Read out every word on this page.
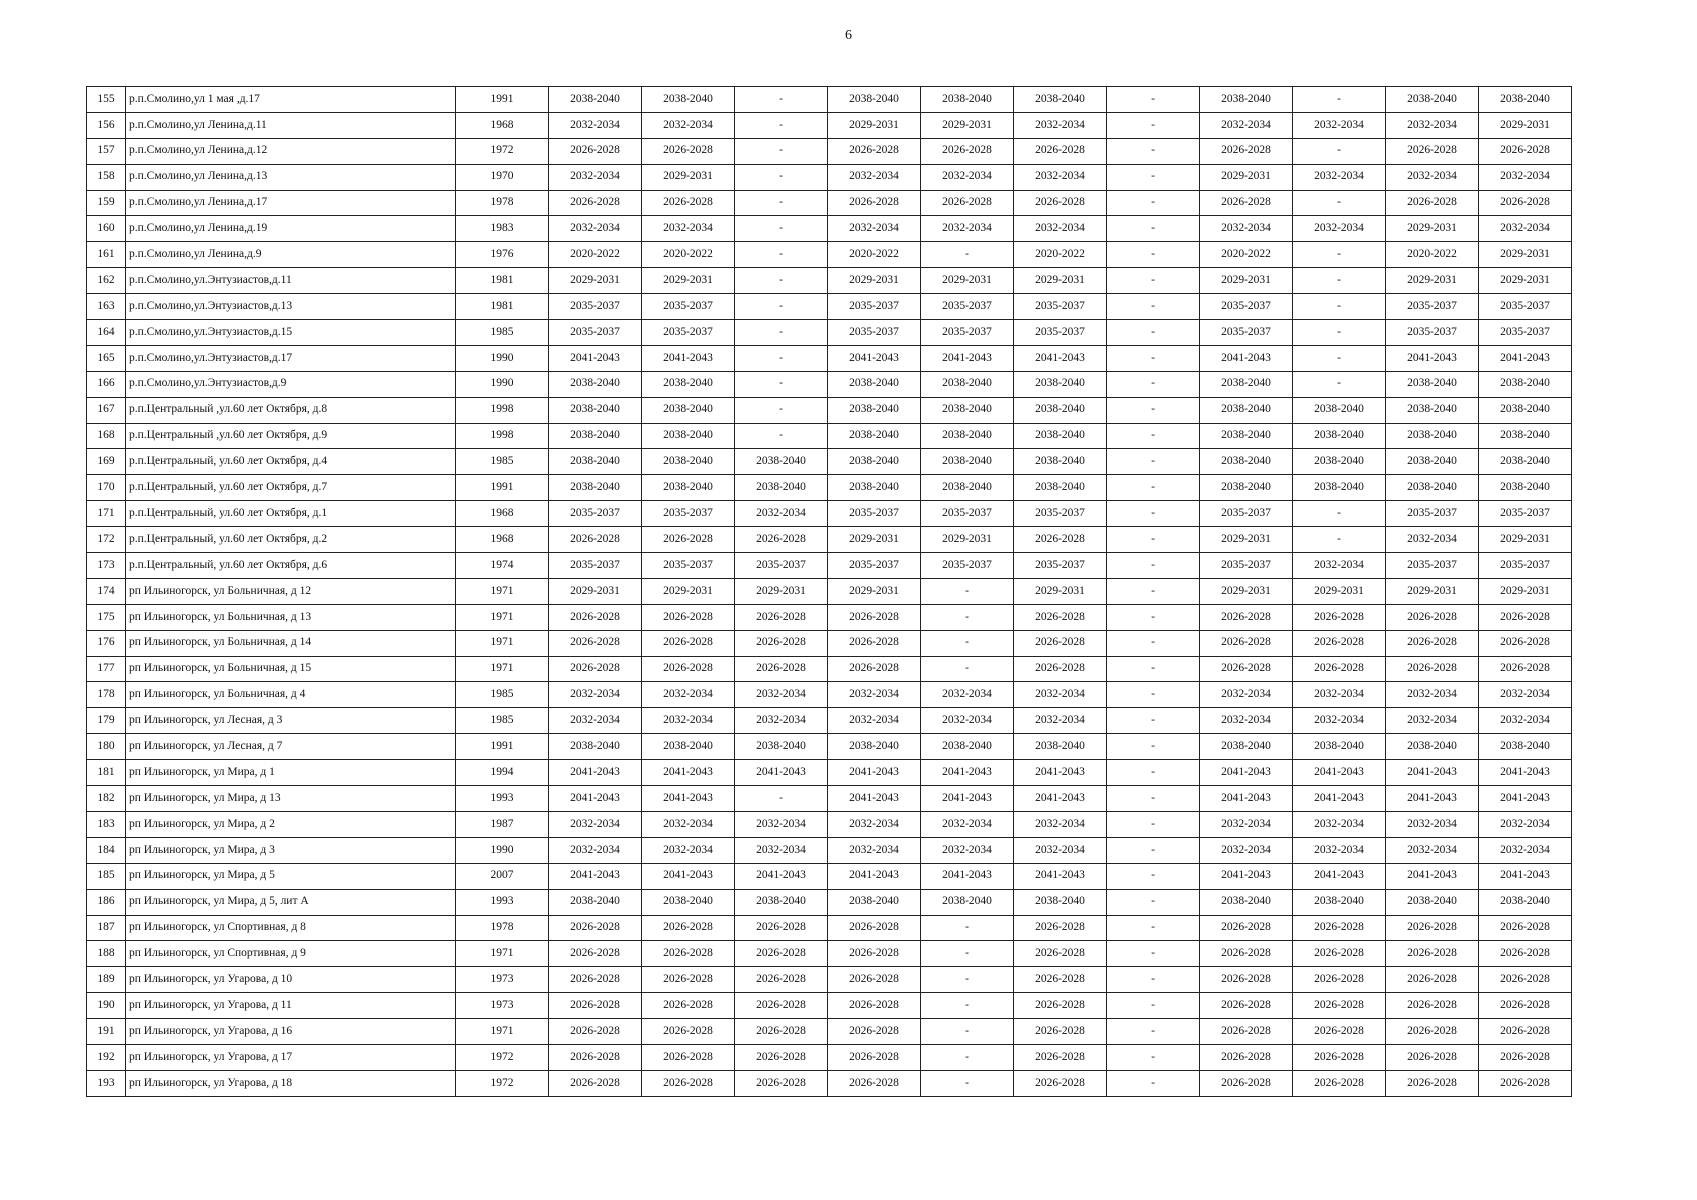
6
155	р.п.Смолино,ул 1 мая ,д.17	1991	2038-2040	2038-2040	-	2038-2040	2038-2040	2038-2040	-	2038-2040	-	2038-2040	2038-2040
156	р.п.Смолино,ул Ленина,д.11	1968	2032-2034	2032-2034	-	2029-2031	2029-2031	2032-2034	-	2032-2034	2032-2034	2032-2034	2029-2031
157	р.п.Смолино,ул Ленина,д.12	1972	2026-2028	2026-2028	-	2026-2028	2026-2028	2026-2028	-	2026-2028	-	2026-2028	2026-2028
158	р.п.Смолино,ул Ленина,д.13	1970	2032-2034	2029-2031	-	2032-2034	2032-2034	2032-2034	-	2029-2031	2032-2034	2032-2034	2032-2034
159	р.п.Смолино,ул Ленина,д.17	1978	2026-2028	2026-2028	-	2026-2028	2026-2028	2026-2028	-	2026-2028	-	2026-2028	2026-2028
160	р.п.Смолино,ул Ленина,д.19	1983	2032-2034	2032-2034	-	2032-2034	2032-2034	2032-2034	-	2032-2034	2032-2034	2029-2031	2032-2034
161	р.п.Смолино,ул Ленина,д.9	1976	2020-2022	2020-2022	-	2020-2022	-	2020-2022	-	2020-2022	-	2020-2022	2029-2031
162	р.п.Смолино,ул.Энтузиастов,д.11	1981	2029-2031	2029-2031	-	2029-2031	2029-2031	2029-2031	-	2029-2031	-	2029-2031	2029-2031
163	р.п.Смолино,ул.Энтузиастов,д.13	1981	2035-2037	2035-2037	-	2035-2037	2035-2037	2035-2037	-	2035-2037	-	2035-2037	2035-2037
164	р.п.Смолино,ул.Энтузиастов,д.15	1985	2035-2037	2035-2037	-	2035-2037	2035-2037	2035-2037	-	2035-2037	-	2035-2037	2035-2037
165	р.п.Смолино,ул.Энтузиастов,д.17	1990	2041-2043	2041-2043	-	2041-2043	2041-2043	2041-2043	-	2041-2043	-	2041-2043	2041-2043
166	р.п.Смолино,ул.Энтузиастов,д.9	1990	2038-2040	2038-2040	-	2038-2040	2038-2040	2038-2040	-	2038-2040	-	2038-2040	2038-2040
167	р.п.Центральный ,ул.60 лет Октября, д.8	1998	2038-2040	2038-2040	-	2038-2040	2038-2040	2038-2040	-	2038-2040	2038-2040	2038-2040	2038-2040
168	р.п.Центральный ,ул.60 лет Октября, д.9	1998	2038-2040	2038-2040	-	2038-2040	2038-2040	2038-2040	-	2038-2040	2038-2040	2038-2040	2038-2040
169	р.п.Центральный, ул.60 лет Октября, д.4	1985	2038-2040	2038-2040	2038-2040	2038-2040	2038-2040	2038-2040	-	2038-2040	2038-2040	2038-2040	2038-2040
170	р.п.Центральный, ул.60 лет Октября, д.7	1991	2038-2040	2038-2040	2038-2040	2038-2040	2038-2040	2038-2040	-	2038-2040	2038-2040	2038-2040	2038-2040
171	р.п.Центральный, ул.60 лет Октября, д.1	1968	2035-2037	2035-2037	2032-2034	2035-2037	2035-2037	2035-2037	-	2035-2037	-	2035-2037	2035-2037
172	р.п.Центральный, ул.60 лет Октября, д.2	1968	2026-2028	2026-2028	2026-2028	2029-2031	2029-2031	2026-2028	-	2029-2031	-	2032-2034	2029-2031
173	р.п.Центральный, ул.60 лет Октября, д.6	1974	2035-2037	2035-2037	2035-2037	2035-2037	2035-2037	2035-2037	-	2035-2037	2032-2034	2035-2037	2035-2037
174	рп Ильиногорск, ул Больничная, д 12	1971	2029-2031	2029-2031	2029-2031	2029-2031	-	2029-2031	-	2029-2031	2029-2031	2029-2031	2029-2031
175	рп Ильиногорск, ул Больничная, д 13	1971	2026-2028	2026-2028	2026-2028	2026-2028	-	2026-2028	-	2026-2028	2026-2028	2026-2028	2026-2028
176	рп Ильиногорск, ул Больничная, д 14	1971	2026-2028	2026-2028	2026-2028	2026-2028	-	2026-2028	-	2026-2028	2026-2028	2026-2028	2026-2028
177	рп Ильиногорск, ул Больничная, д 15	1971	2026-2028	2026-2028	2026-2028	2026-2028	-	2026-2028	-	2026-2028	2026-2028	2026-2028	2026-2028
178	рп Ильиногорск, ул Больничная, д 4	1985	2032-2034	2032-2034	2032-2034	2032-2034	2032-2034	2032-2034	-	2032-2034	2032-2034	2032-2034	2032-2034
179	рп Ильиногорск, ул Лесная, д 3	1985	2032-2034	2032-2034	2032-2034	2032-2034	2032-2034	2032-2034	-	2032-2034	2032-2034	2032-2034	2032-2034
180	рп Ильиногорск, ул Лесная, д 7	1991	2038-2040	2038-2040	2038-2040	2038-2040	2038-2040	2038-2040	-	2038-2040	2038-2040	2038-2040	2038-2040
181	рп Ильиногорск, ул Мира, д 1	1994	2041-2043	2041-2043	2041-2043	2041-2043	2041-2043	2041-2043	-	2041-2043	2041-2043	2041-2043	2041-2043
182	рп Ильиногорск, ул Мира, д 13	1993	2041-2043	2041-2043	-	2041-2043	2041-2043	2041-2043	-	2041-2043	2041-2043	2041-2043	2041-2043
183	рп Ильиногорск, ул Мира, д 2	1987	2032-2034	2032-2034	2032-2034	2032-2034	2032-2034	2032-2034	-	2032-2034	2032-2034	2032-2034	2032-2034
184	рп Ильиногорск, ул Мира, д 3	1990	2032-2034	2032-2034	2032-2034	2032-2034	2032-2034	2032-2034	-	2032-2034	2032-2034	2032-2034	2032-2034
185	рп Ильиногорск, ул Мира, д 5	2007	2041-2043	2041-2043	2041-2043	2041-2043	2041-2043	2041-2043	-	2041-2043	2041-2043	2041-2043	2041-2043
186	рп Ильиногорск, ул Мира, д 5, лит А	1993	2038-2040	2038-2040	2038-2040	2038-2040	2038-2040	2038-2040	-	2038-2040	2038-2040	2038-2040	2038-2040
187	рп Ильиногорск, ул Спортивная, д 8	1978	2026-2028	2026-2028	2026-2028	2026-2028	-	2026-2028	-	2026-2028	2026-2028	2026-2028	2026-2028
188	рп Ильиногорск, ул Спортивная, д 9	1971	2026-2028	2026-2028	2026-2028	2026-2028	-	2026-2028	-	2026-2028	2026-2028	2026-2028	2026-2028
189	рп Ильиногорск, ул Угарова, д 10	1973	2026-2028	2026-2028	2026-2028	2026-2028	-	2026-2028	-	2026-2028	2026-2028	2026-2028	2026-2028
190	рп Ильиногорск, ул Угарова, д 11	1973	2026-2028	2026-2028	2026-2028	2026-2028	-	2026-2028	-	2026-2028	2026-2028	2026-2028	2026-2028
191	рп Ильиногорск, ул Угарова, д 16	1971	2026-2028	2026-2028	2026-2028	2026-2028	-	2026-2028	-	2026-2028	2026-2028	2026-2028	2026-2028
192	рп Ильиногорск, ул Угарова, д 17	1972	2026-2028	2026-2028	2026-2028	2026-2028	-	2026-2028	-	2026-2028	2026-2028	2026-2028	2026-2028
193	рп Ильиногорск, ул Угарова, д 18	1972	2026-2028	2026-2028	2026-2028	2026-2028	-	2026-2028	-	2026-2028	2026-2028	2026-2028	2026-2028
